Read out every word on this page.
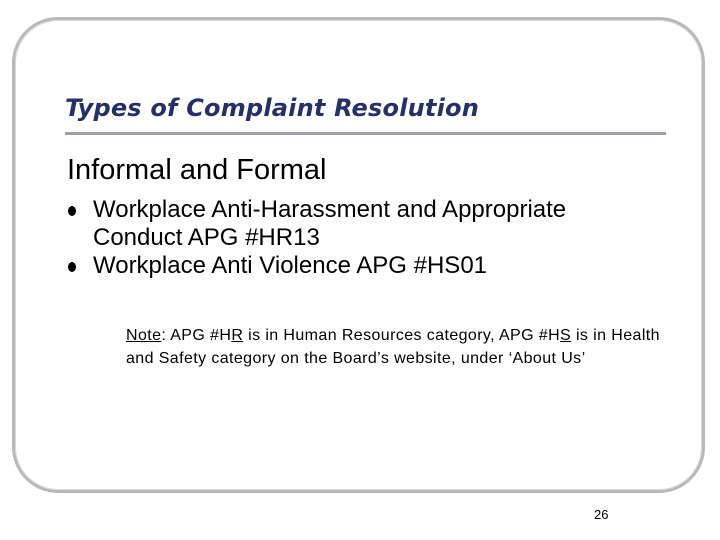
Types of Complaint Resolution
Informal and Formal
Workplace Anti-Harassment and Appropriate Conduct APG #HR13
Workplace Anti Violence APG #HS01
Note: APG #HR is in Human Resources category, APG #HS is in Health and Safety category on the Board’s website, under ‘About Us’
26
